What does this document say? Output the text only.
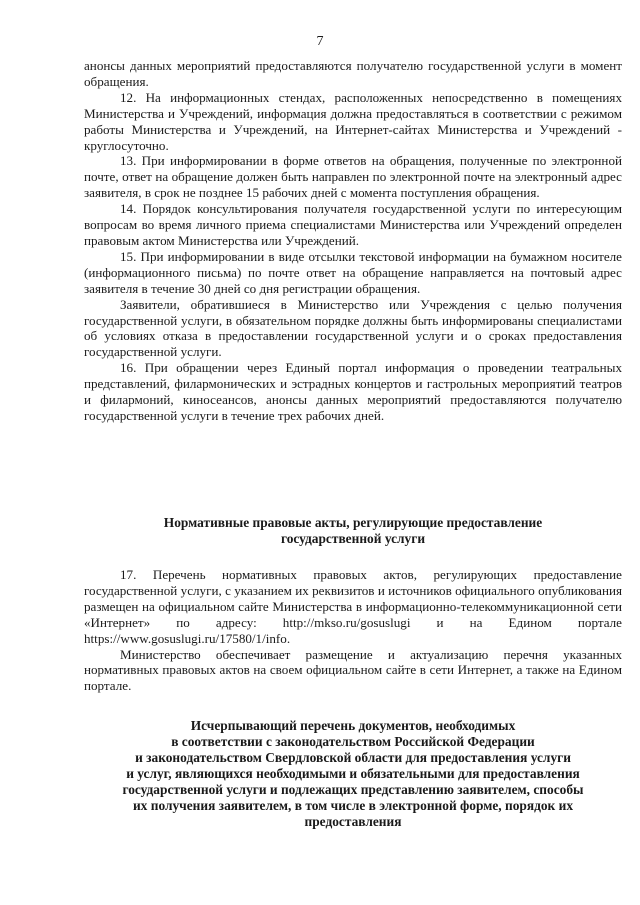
7

анонсы данных мероприятий предоставляются получателю государственной услуги в момент обращения.

12. На информационных стендах, расположенных непосредственно в помещениях Министерства и Учреждений, информация должна предоставляться в соответствии с режимом работы Министерства и Учреждений, на Интернет-сайтах Министерства и Учреждений - круглосуточно.

13. При информировании в форме ответов на обращения, полученные по электронной почте, ответ на обращение должен быть направлен по электронной почте на электронный адрес заявителя, в срок не позднее 15 рабочих дней с момента поступления обращения.

14. Порядок консультирования получателя государственной услуги по интересующим вопросам во время личного приема специалистами Министерства или Учреждений определен правовым актом Министерства или Учреждений.

15. При информировании в виде отсылки текстовой информации на бумажном носителе (информационного письма) по почте ответ на обращение направляется на почтовый адрес заявителя в течение 30 дней со дня регистрации обращения.

Заявители, обратившиеся в Министерство или Учреждения с целью получения государственной услуги, в обязательном порядке должны быть информированы специалистами об условиях отказа в предоставлении государственной услуги и о сроках предоставления государственной услуги.

16. При обращении через Единый портал информация о проведении театральных представлений, филармонических и эстрадных концертов и гастрольных мероприятий театров и филармоний, киносеансов, анонсы данных мероприятий предоставляются получателю государственной услуги в течение трех рабочих дней.

Нормативные правовые акты, регулирующие предоставление
государственной услуги

17. Перечень нормативных правовых актов, регулирующих предоставление государственной услуги, с указанием их реквизитов и источников официального опубликования размещен на официальном сайте Министерства в информационно-телекоммуникационной сети «Интернет» по адресу: http://mkso.ru/gosuslugi и на Едином портале https://www.gosuslugi.ru/17580/1/info.

Министерство обеспечивает размещение и актуализацию перечня указанных нормативных правовых актов на своем официальном сайте в сети Интернет, а также на Едином портале.

Исчерпывающий перечень документов, необходимых
в соответствии с законодательством Российской Федерации
и законодательством Свердловской области для предоставления услуги
и услуг, являющихся необходимыми и обязательными для предоставления
государственной услуги и подлежащих представлению заявителем, способы
их получения заявителем, в том числе в электронной форме, порядок их
предоставления
